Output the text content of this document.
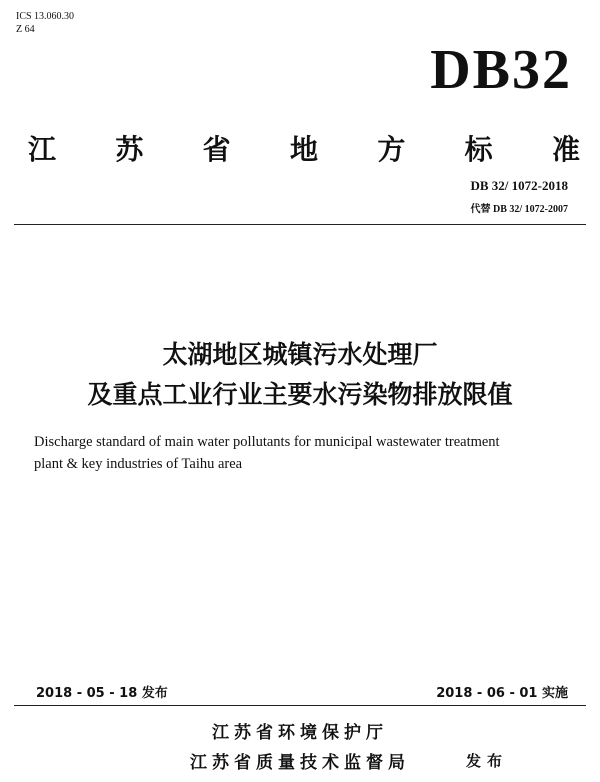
ICS 13.060.30
Z 64
DB32
江 苏 省 地 方 标 准
DB 32/ 1072-2018
代替 DB 32/ 1072-2007
太湖地区城镇污水处理厂
及重点工业行业主要水污染物排放限值
Discharge standard of main water pollutants for municipal wastewater treatment
plant & key industries of Taihu area
2018 - 05 - 18 发布	2018 - 06 - 01 实施
江苏省环境保护厅
江苏省质量技术监督局	发布
